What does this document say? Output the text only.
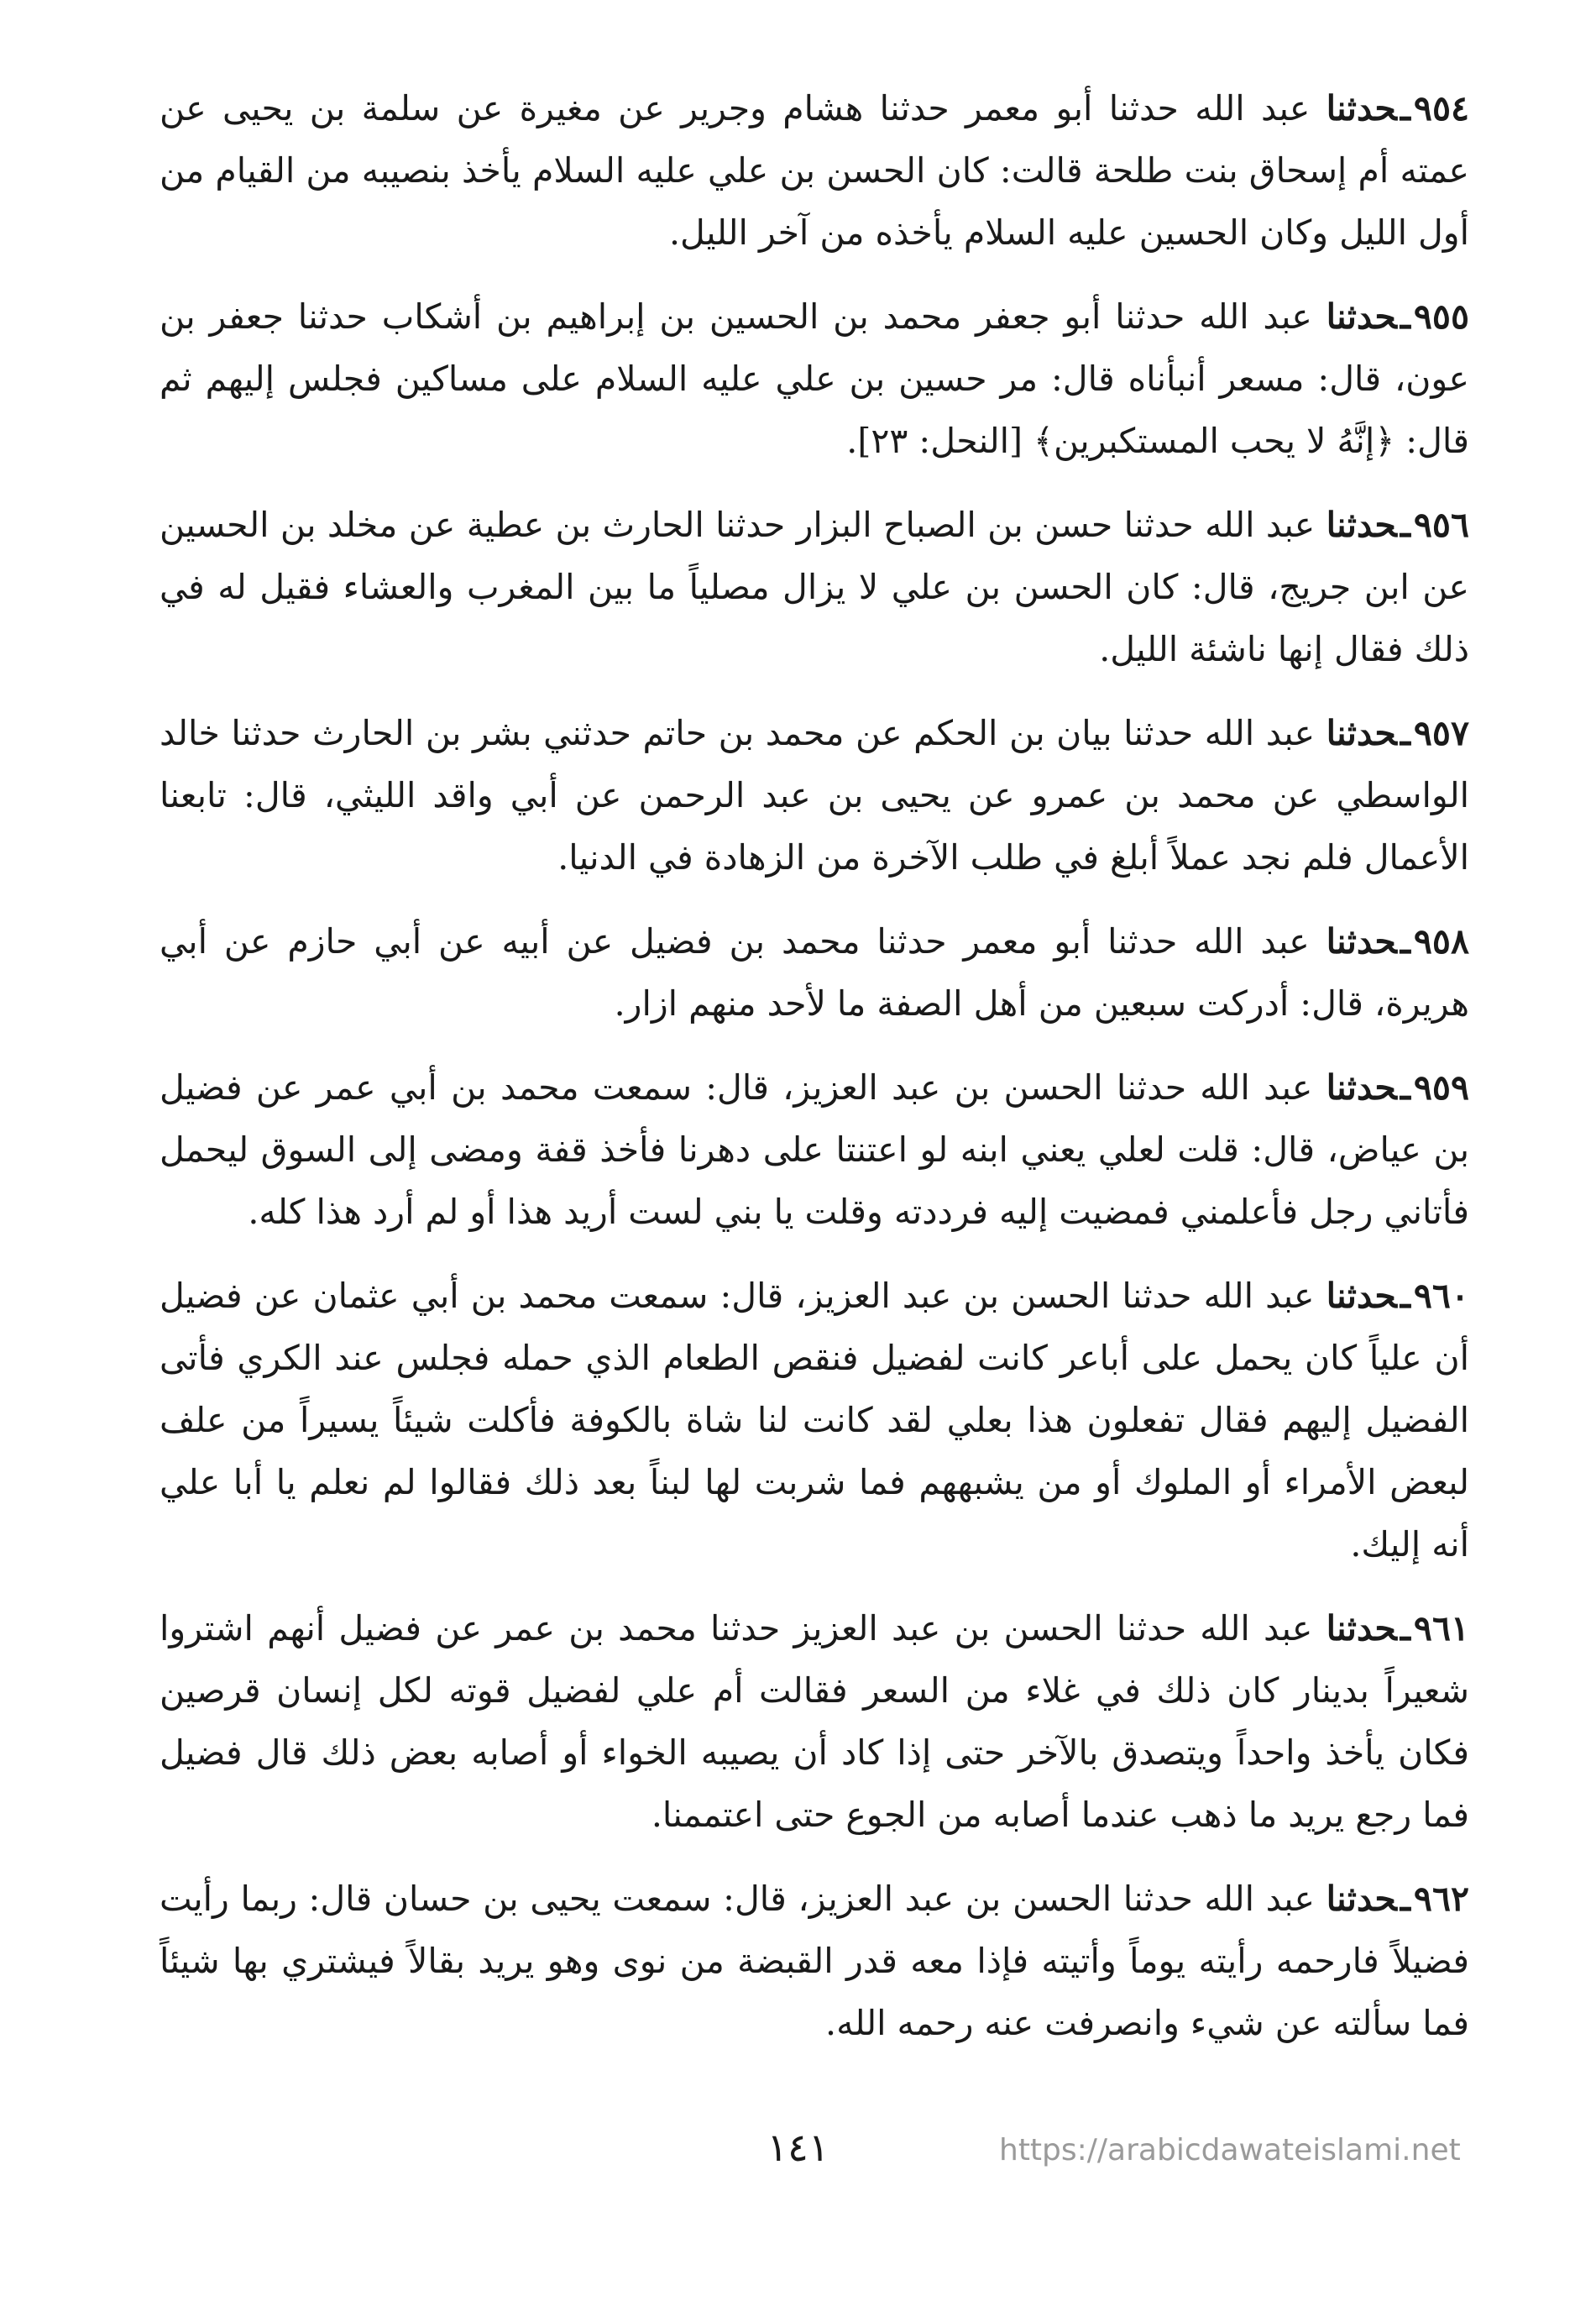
٩٥٤ـحدثنا عبد الله حدثنا أبو معمر حدثنا هشام وجرير عن مغيرة عن سلمة بن يحيى عن عمته أم إسحاق بنت طلحة قالت: كان الحسن بن علي عليه السلام يأخذ بنصيبه من القيام من أول الليل وكان الحسين عليه السلام يأخذه من آخر الليل.

٩٥٥ـحدثنا عبد الله حدثنا أبو جعفر محمد بن الحسين بن إبراهيم بن أشكاب حدثنا جعفر بن عون، قال: مسعر أنبأناه قال: مر حسين بن علي عليه السلام على مساكين فجلس إليهم ثم قال: ﴿إنَّهُ لا يحب المستكبرين﴾ [النحل: ٢٣].

٩٥٦ـحدثنا عبد الله حدثنا حسن بن الصباح البزار حدثنا الحارث بن عطية عن مخلد بن الحسين عن ابن جريج، قال: كان الحسن بن علي لا يزال مصلياً ما بين المغرب والعشاء فقيل له في ذلك فقال إنها ناشئة الليل.

٩٥٧ـحدثنا عبد الله حدثنا بيان بن الحكم عن محمد بن حاتم حدثني بشر بن الحارث حدثنا خالد الواسطي عن محمد بن عمرو عن يحيى بن عبد الرحمن عن أبي واقد الليثي، قال: تابعنا الأعمال فلم نجد عملاً أبلغ في طلب الآخرة من الزهادة في الدنيا.

٩٥٨ـحدثنا عبد الله حدثنا أبو معمر حدثنا محمد بن فضيل عن أبيه عن أبي حازم عن أبي هريرة، قال: أدركت سبعين من أهل الصفة ما لأحد منهم ازار.

٩٥٩ـحدثنا عبد الله حدثنا الحسن بن عبد العزيز، قال: سمعت محمد بن أبي عمر عن فضيل بن عياض، قال: قلت لعلي يعني ابنه لو اعتنتا على دهرنا فأخذ قفة ومضى إلى السوق ليحمل فأتاني رجل فأعلمني فمضيت إليه فرددته وقلت يا بني لست أريد هذا أو لم أرد هذا كله.

٩٦٠ـحدثنا عبد الله حدثنا الحسن بن عبد العزيز، قال: سمعت محمد بن أبي عثمان عن فضيل أن علياً كان يحمل على أباعر كانت لفضيل فنقص الطعام الذي حمله فجلس عند الكري فأتى الفضيل إليهم فقال تفعلون هذا بعلي لقد كانت لنا شاة بالكوفة فأكلت شيئاً يسيراً من علف لبعض الأمراء أو الملوك أو من يشبههم فما شربت لها لبناً بعد ذلك فقالوا لم نعلم يا أبا علي أنه إليك.

٩٦١ـحدثنا عبد الله حدثنا الحسن بن عبد العزيز حدثنا محمد بن عمر عن فضيل أنهم اشتروا شعيراً بدينار كان ذلك في غلاء من السعر فقالت أم علي لفضيل قوته لكل إنسان قرصين فكان يأخذ واحداً ويتصدق بالآخر حتى إذا كاد أن يصيبه الخواء أو أصابه بعض ذلك قال فضيل فما رجع يريد ما ذهب عندما أصابه من الجوع حتى اعتممنا.

٩٦٢ـحدثنا عبد الله حدثنا الحسن بن عبد العزيز، قال: سمعت يحيى بن حسان قال: ربما رأيت فضيلاً فارحمه رأيته يوماً وأتيته فإذا معه قدر القبضة من نوى وهو يريد بقالاً فيشتري بها شيئاً فما سألته عن شيء وانصرفت عنه رحمه الله.

١٤١	https://arabicdawateislami.net
